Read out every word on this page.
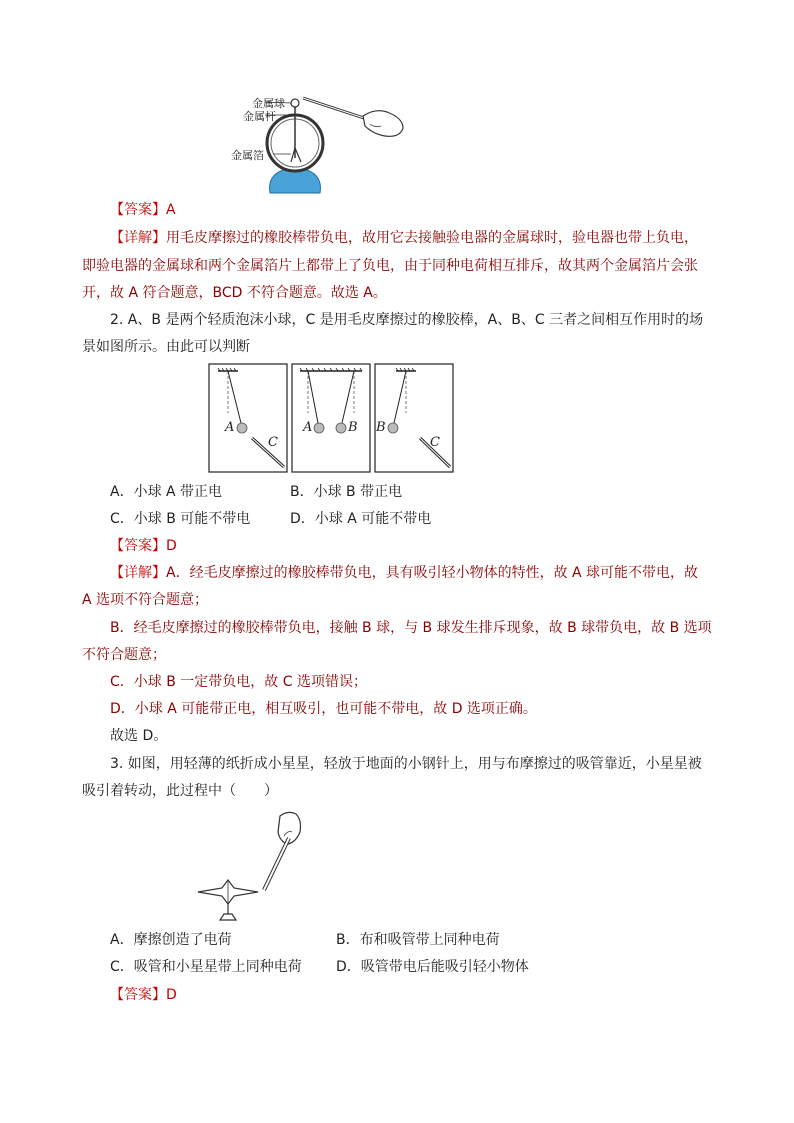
金属球
金属杆
金属箔
【答案】A
【详解】用毛皮摩擦过的橡胶棒带负电，故用它去接触验电器的金属球时，验电器也带上负电，
即验电器的金属球和两个金属箔片上都带上了负电，由于同种电荷相互排斥，故其两个金属箔片会张
开，故 A 符合题意，BCD 不符合题意。故选 A。
2. A、B 是两个轻质泡沫小球，C 是用毛皮摩擦过的橡胶棒，A、B、C 三者之间相互作用时的场
景如图所示。由此可以判断
A
C
A	B B
C
A．小球 A 带正电	B．小球 B 带正电
C．小球 B 可能不带电	D．小球 A 可能不带电
【答案】D
【详解】A．经毛皮摩擦过的橡胶棒带负电，具有吸引轻小物体的特性，故 A 球可能不带电，故
A 选项不符合题意；
B．经毛皮摩擦过的橡胶棒带负电，接触 B 球，与 B 球发生排斥现象，故 B 球带负电，故 B 选项
不符合题意；
C．小球 B 一定带负电，故 C 选项错误；
D．小球 A 可能带正电，相互吸引，也可能不带电，故 D 选项正确。
故选 D。
3. 如图，用轻薄的纸折成小星星，轻放于地面的小钢针上，用与布摩擦过的吸管靠近，小星星被
吸引着转动，此过程中（　　）
A．摩擦创造了电荷	B．布和吸管带上同种电荷
C．吸管和小星星带上同种电荷 D．吸管带电后能吸引轻小物体
【答案】D
